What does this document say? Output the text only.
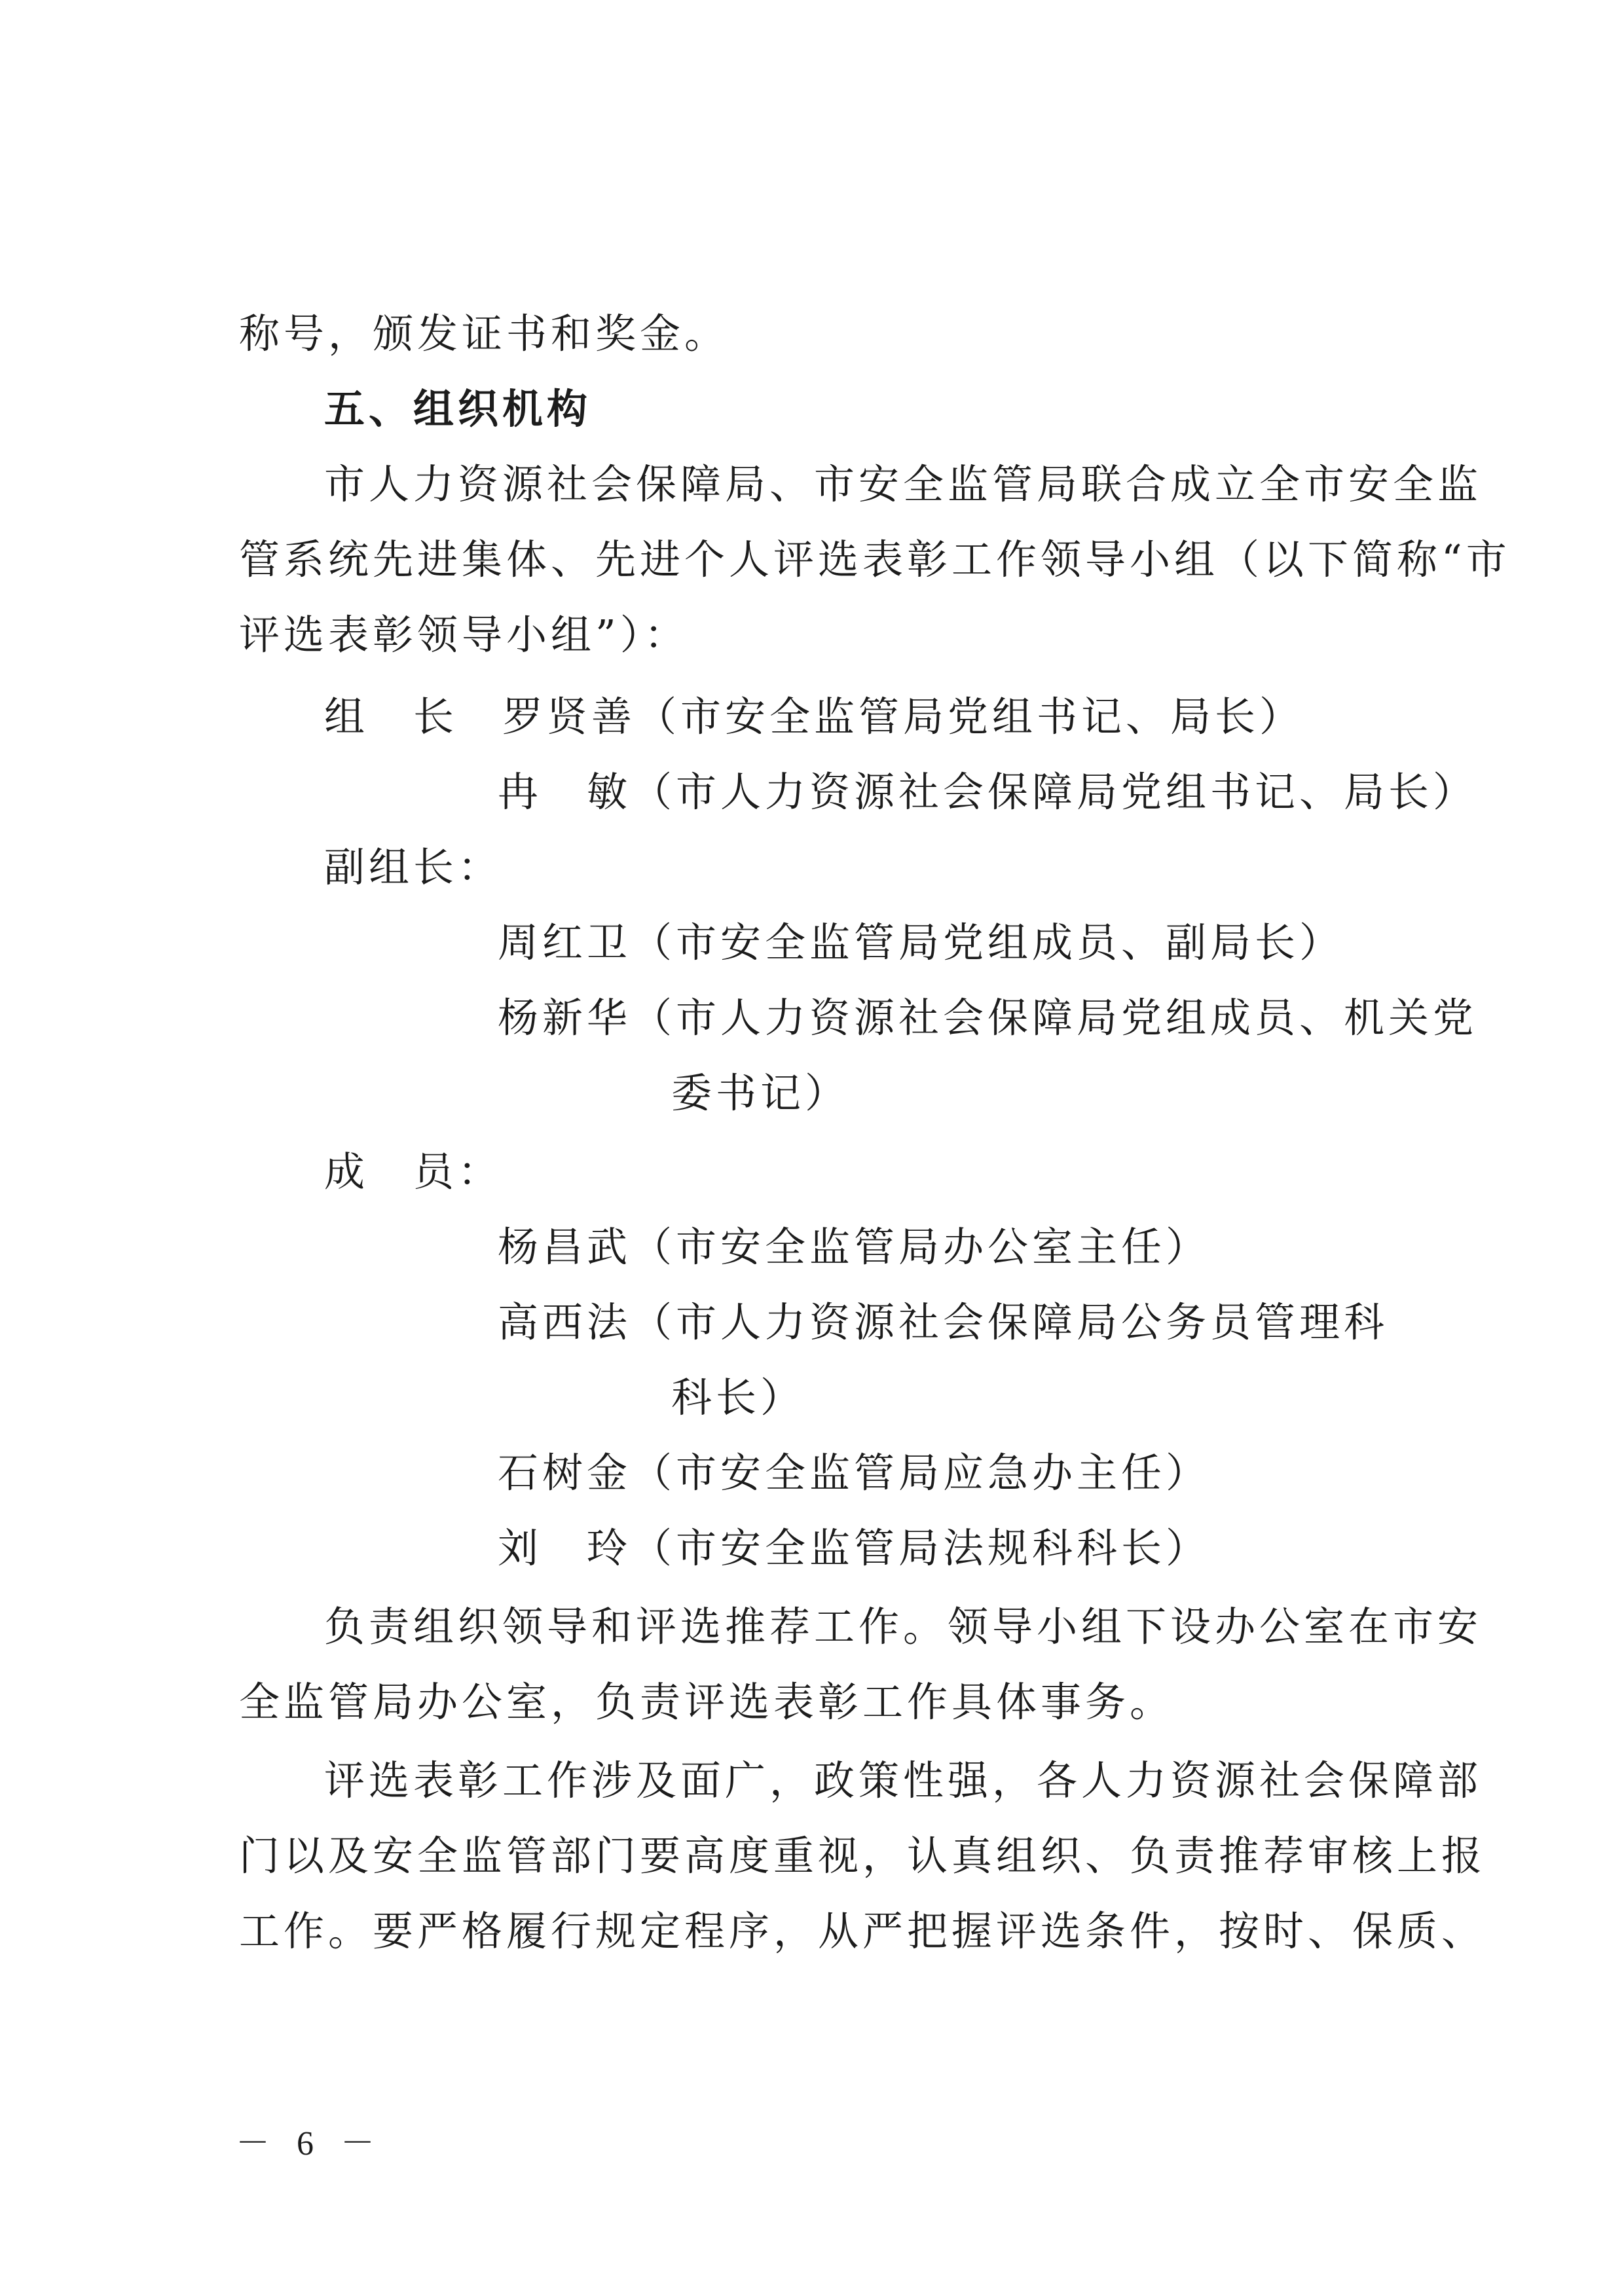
称号，颁发证书和奖金。
五、组织机构
市人力资源社会保障局、市安全监管局联合成立全市安全监
管系统先进集体、先进个人评选表彰工作领导小组（以下简称“市
评选表彰领导小组”）：
组　长　罗贤善（市安全监管局党组书记、局长）
冉　敏（市人力资源社会保障局党组书记、局长）
副组长：
周红卫（市安全监管局党组成员、副局长）
杨新华（市人力资源社会保障局党组成员、机关党
委书记）
成　员：
杨昌武（市安全监管局办公室主任）
高西法（市人力资源社会保障局公务员管理科
科长）
石树金（市安全监管局应急办主任）
刘　玲（市安全监管局法规科科长）
负责组织领导和评选推荐工作。领导小组下设办公室在市安
全监管局办公室，负责评选表彰工作具体事务。
评选表彰工作涉及面广，政策性强，各人力资源社会保障部
门以及安全监管部门要高度重视，认真组织、负责推荐审核上报
工作。要严格履行规定程序，从严把握评选条件，按时、保质、
－ 6 －
